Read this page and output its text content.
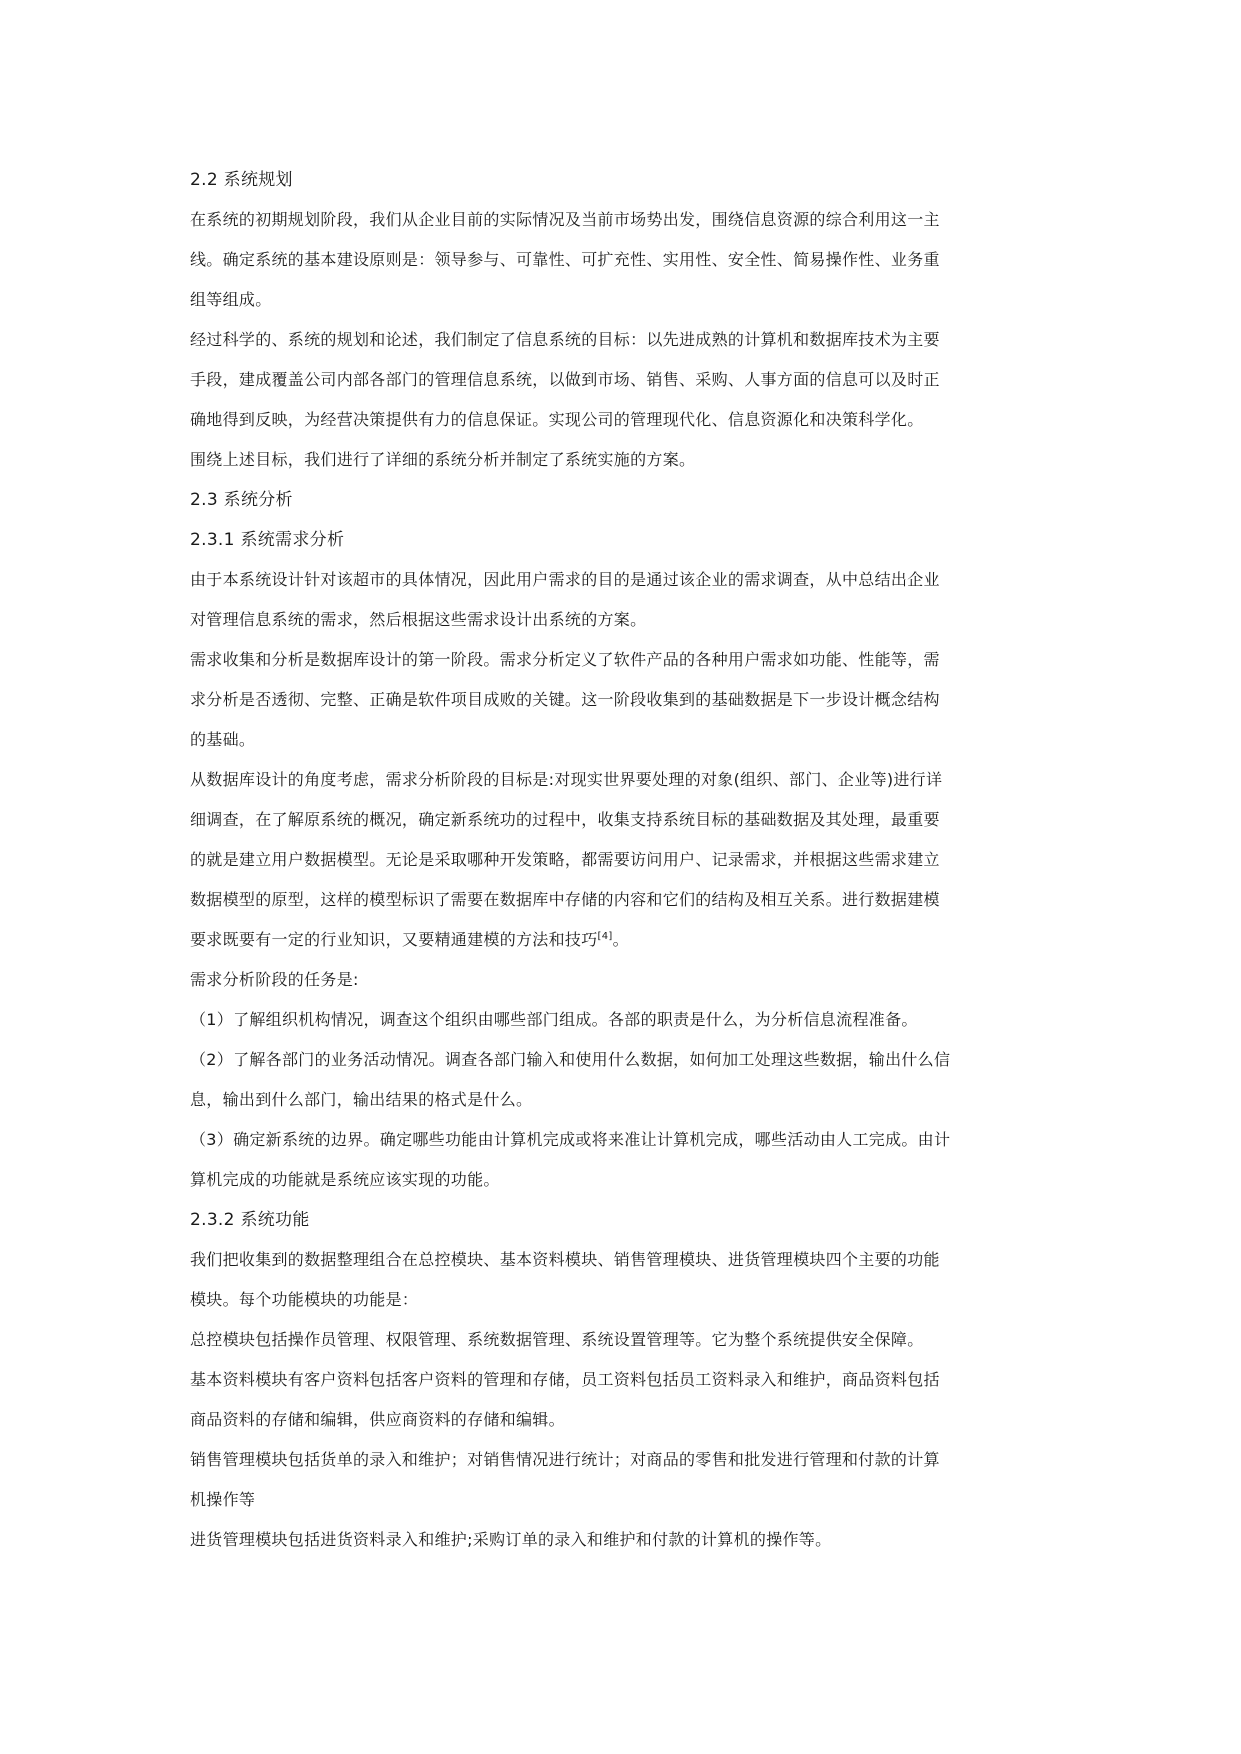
2.2 系统规划
在系统的初期规划阶段，我们从企业目前的实际情况及当前市场势出发，围绕信息资源的综合利用这一主
线。确定系统的基本建设原则是：领导参与、可靠性、可扩充性、实用性、安全性、简易操作性、业务重
组等组成。
经过科学的、系统的规划和论述，我们制定了信息系统的目标：以先进成熟的计算机和数据库技术为主要
手段，建成覆盖公司内部各部门的管理信息系统，以做到市场、销售、采购、人事方面的信息可以及时正
确地得到反映，为经营决策提供有力的信息保证。实现公司的管理现代化、信息资源化和决策科学化。
围绕上述目标，我们进行了详细的系统分析并制定了系统实施的方案。
2.3 系统分析
2.3.1 系统需求分析
由于本系统设计针对该超市的具体情况，因此用户需求的目的是通过该企业的需求调查，从中总结出企业
对管理信息系统的需求，然后根据这些需求设计出系统的方案。
需求收集和分析是数据库设计的第一阶段。需求分析定义了软件产品的各种用户需求如功能、性能等，需
求分析是否透彻、完整、正确是软件项目成败的关键。这一阶段收集到的基础数据是下一步设计概念结构
的基础。
从数据库设计的角度考虑，需求分析阶段的目标是:对现实世界要处理的对象(组织、部门、企业等)进行详
细调查，在了解原系统的概况，确定新系统功的过程中，收集支持系统目标的基础数据及其处理，最重要
的就是建立用户数据模型。无论是采取哪种开发策略，都需要访问用户、记录需求，并根据这些需求建立
数据模型的原型，这样的模型标识了需要在数据库中存储的内容和它们的结构及相互关系。进行数据建模
要求既要有一定的行业知识，又要精通建模的方法和技巧[4]。
需求分析阶段的任务是:
（1）了解组织机构情况，调查这个组织由哪些部门组成。各部的职责是什么，为分析信息流程准备。
（2）了解各部门的业务活动情况。调查各部门输入和使用什么数据，如何加工处理这些数据，输出什么信
息，输出到什么部门，输出结果的格式是什么。
（3）确定新系统的边界。确定哪些功能由计算机完成或将来准让计算机完成，哪些活动由人工完成。由计
算机完成的功能就是系统应该实现的功能。
2.3.2 系统功能
我们把收集到的数据整理组合在总控模块、基本资料模块、销售管理模块、进货管理模块四个主要的功能
模块。每个功能模块的功能是：
总控模块包括操作员管理、权限管理、系统数据管理、系统设置管理等。它为整个系统提供安全保障。
基本资料模块有客户资料包括客户资料的管理和存储，员工资料包括员工资料录入和维护，商品资料包括
商品资料的存储和编辑，供应商资料的存储和编辑。
销售管理模块包括货单的录入和维护；对销售情况进行统计；对商品的零售和批发进行管理和付款的计算
机操作等
进货管理模块包括进货资料录入和维护;采购订单的录入和维护和付款的计算机的操作等。
